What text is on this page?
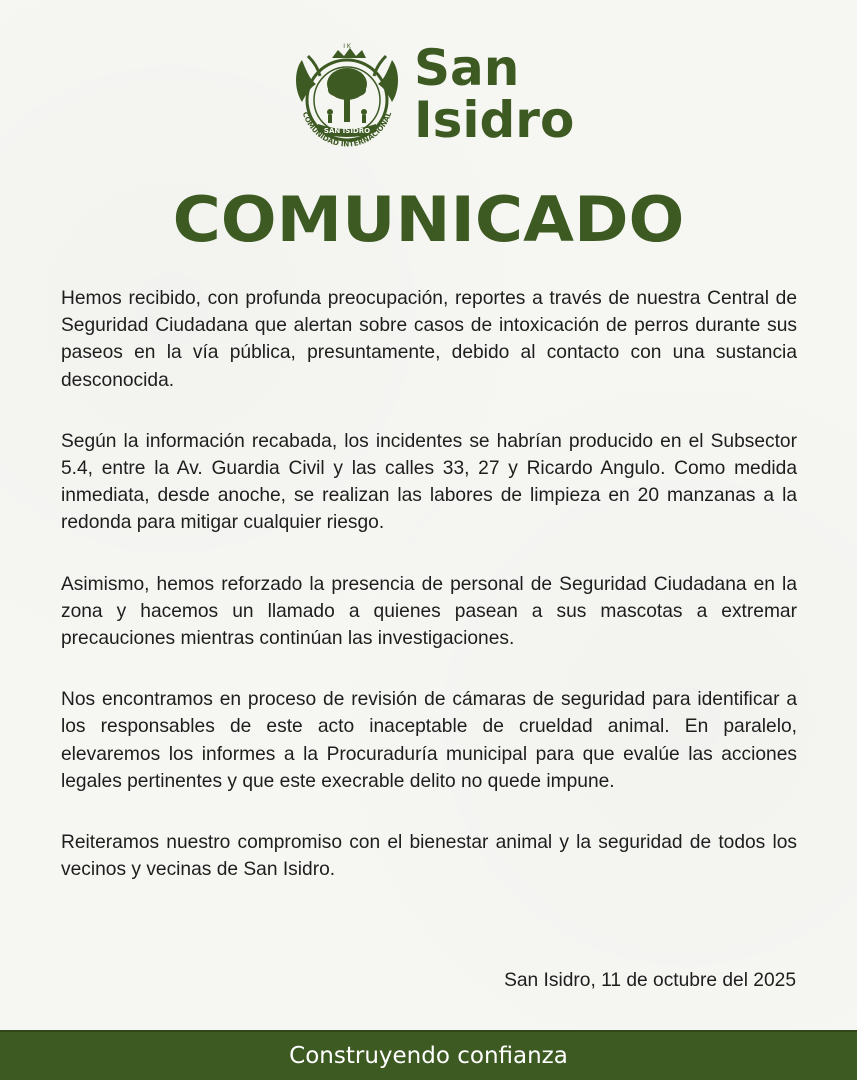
I K
SAN ISIDRO
COMUNIDAD INTERNACIONAL
San
Isidro
COMUNICADO

Hemos recibido, con profunda preocupación, reportes a través de nuestra Central de Seguridad Ciudadana que alertan sobre casos de intoxicación de perros durante sus paseos en la vía pública, presuntamente, debido al contacto con una sustancia desconocida.

Según la información recabada, los incidentes se habrían producido en el Subsector 5.4, entre la Av. Guardia Civil y las calles 33, 27 y Ricardo Angulo. Como medida inmediata, desde anoche, se realizan las labores de limpieza en 20 manzanas a la redonda para mitigar cualquier riesgo.

Asimismo, hemos reforzado la presencia de personal de Seguridad Ciudadana en la zona y hacemos un llamado a quienes pasean a sus mascotas a extremar precauciones mientras continúan las investigaciones.

Nos encontramos en proceso de revisión de cámaras de seguridad para identificar a los responsables de este acto inaceptable de crueldad animal. En paralelo, elevaremos los informes a la Procuraduría municipal para que evalúe las acciones legales pertinentes y que este execrable delito no quede impune.

Reiteramos nuestro compromiso con el bienestar animal y la seguridad de todos los vecinos y vecinas de San Isidro.

San Isidro, 11 de octubre del 2025
Construyendo confianza
